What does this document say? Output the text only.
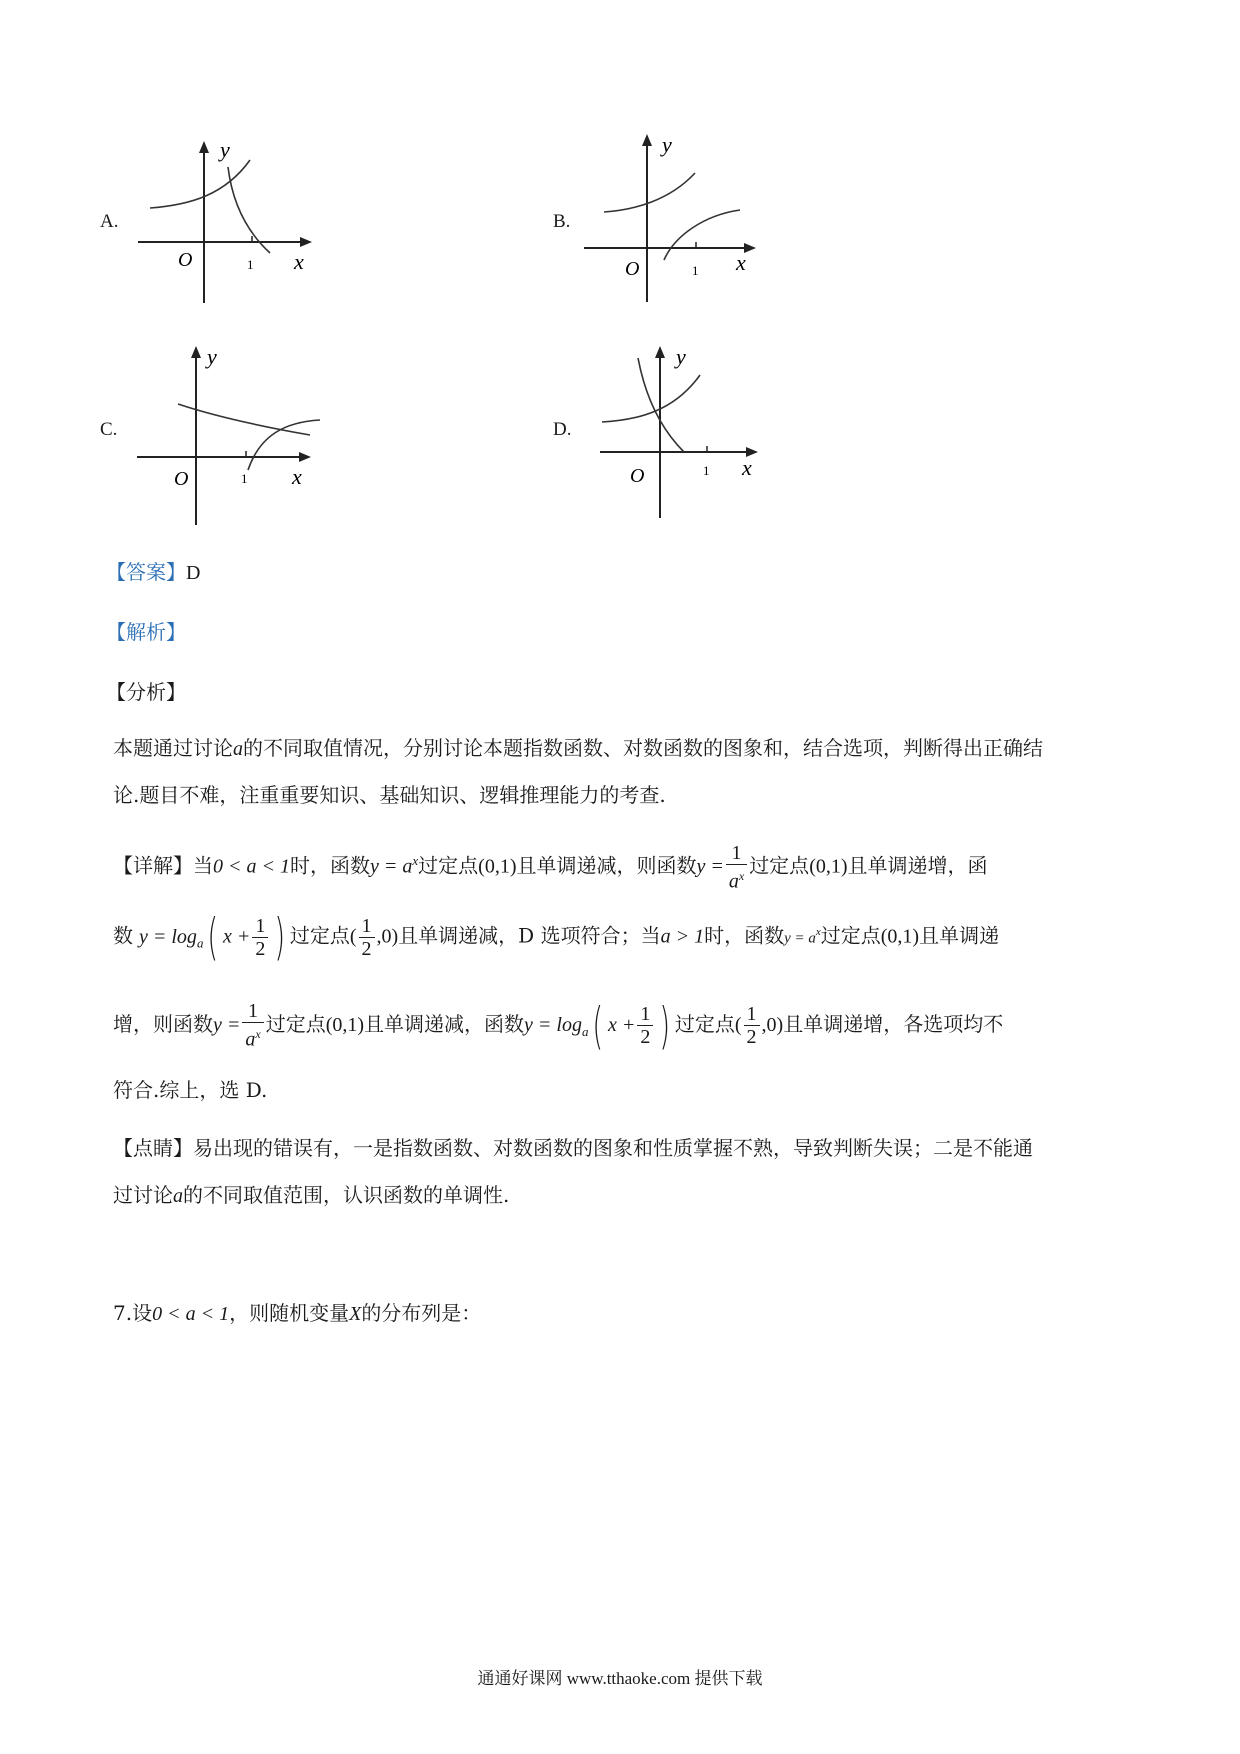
A.
y
x
O	1
B.
y
x
O	1
C.
y
x
O	1
D.
y
x
O	1
【答案】D
【解析】
【分析】
本题通过讨论a的不同取值情况，分别讨论本题指数函数、对数函数的图象和，结合选项，判断得出正确结
论.题目不难，注重重要知识、基础知识、逻辑推理能力的考查.
【详解】当0 < a < 1时，函数$y = a^x$过定点(0,1)且单调递减，则函数$y = \frac{1}{a^x}$ 过定点(0,1)且单调递增，函
数 $y = \log_a$( $x + \frac{1}{2}$ ) 过定点( $\frac{1}{2} ,0$)且单调递减，D 选项符合；当a > 1时，函数$y = a^x$过定点(0,1)且单调递
增，则函数$y = \frac{1}{a^x}$ 过定点(0,1)且单调递减，函数$y = \log_a$( $x + \frac{1}{2}$ ) 过定点( $\frac{1}{2} ,0$)且单调递增，各选项均不
符合.综上，选 D.
【点睛】易出现的错误有，一是指数函数、对数函数的图象和性质掌握不熟，导致判断失误；二是不能通
过讨论a的不同取值范围，认识函数的单调性.
7.设0 < a < 1，则随机变量X的分布列是：
通通好课网 www.tthaoke.com 提供下载
